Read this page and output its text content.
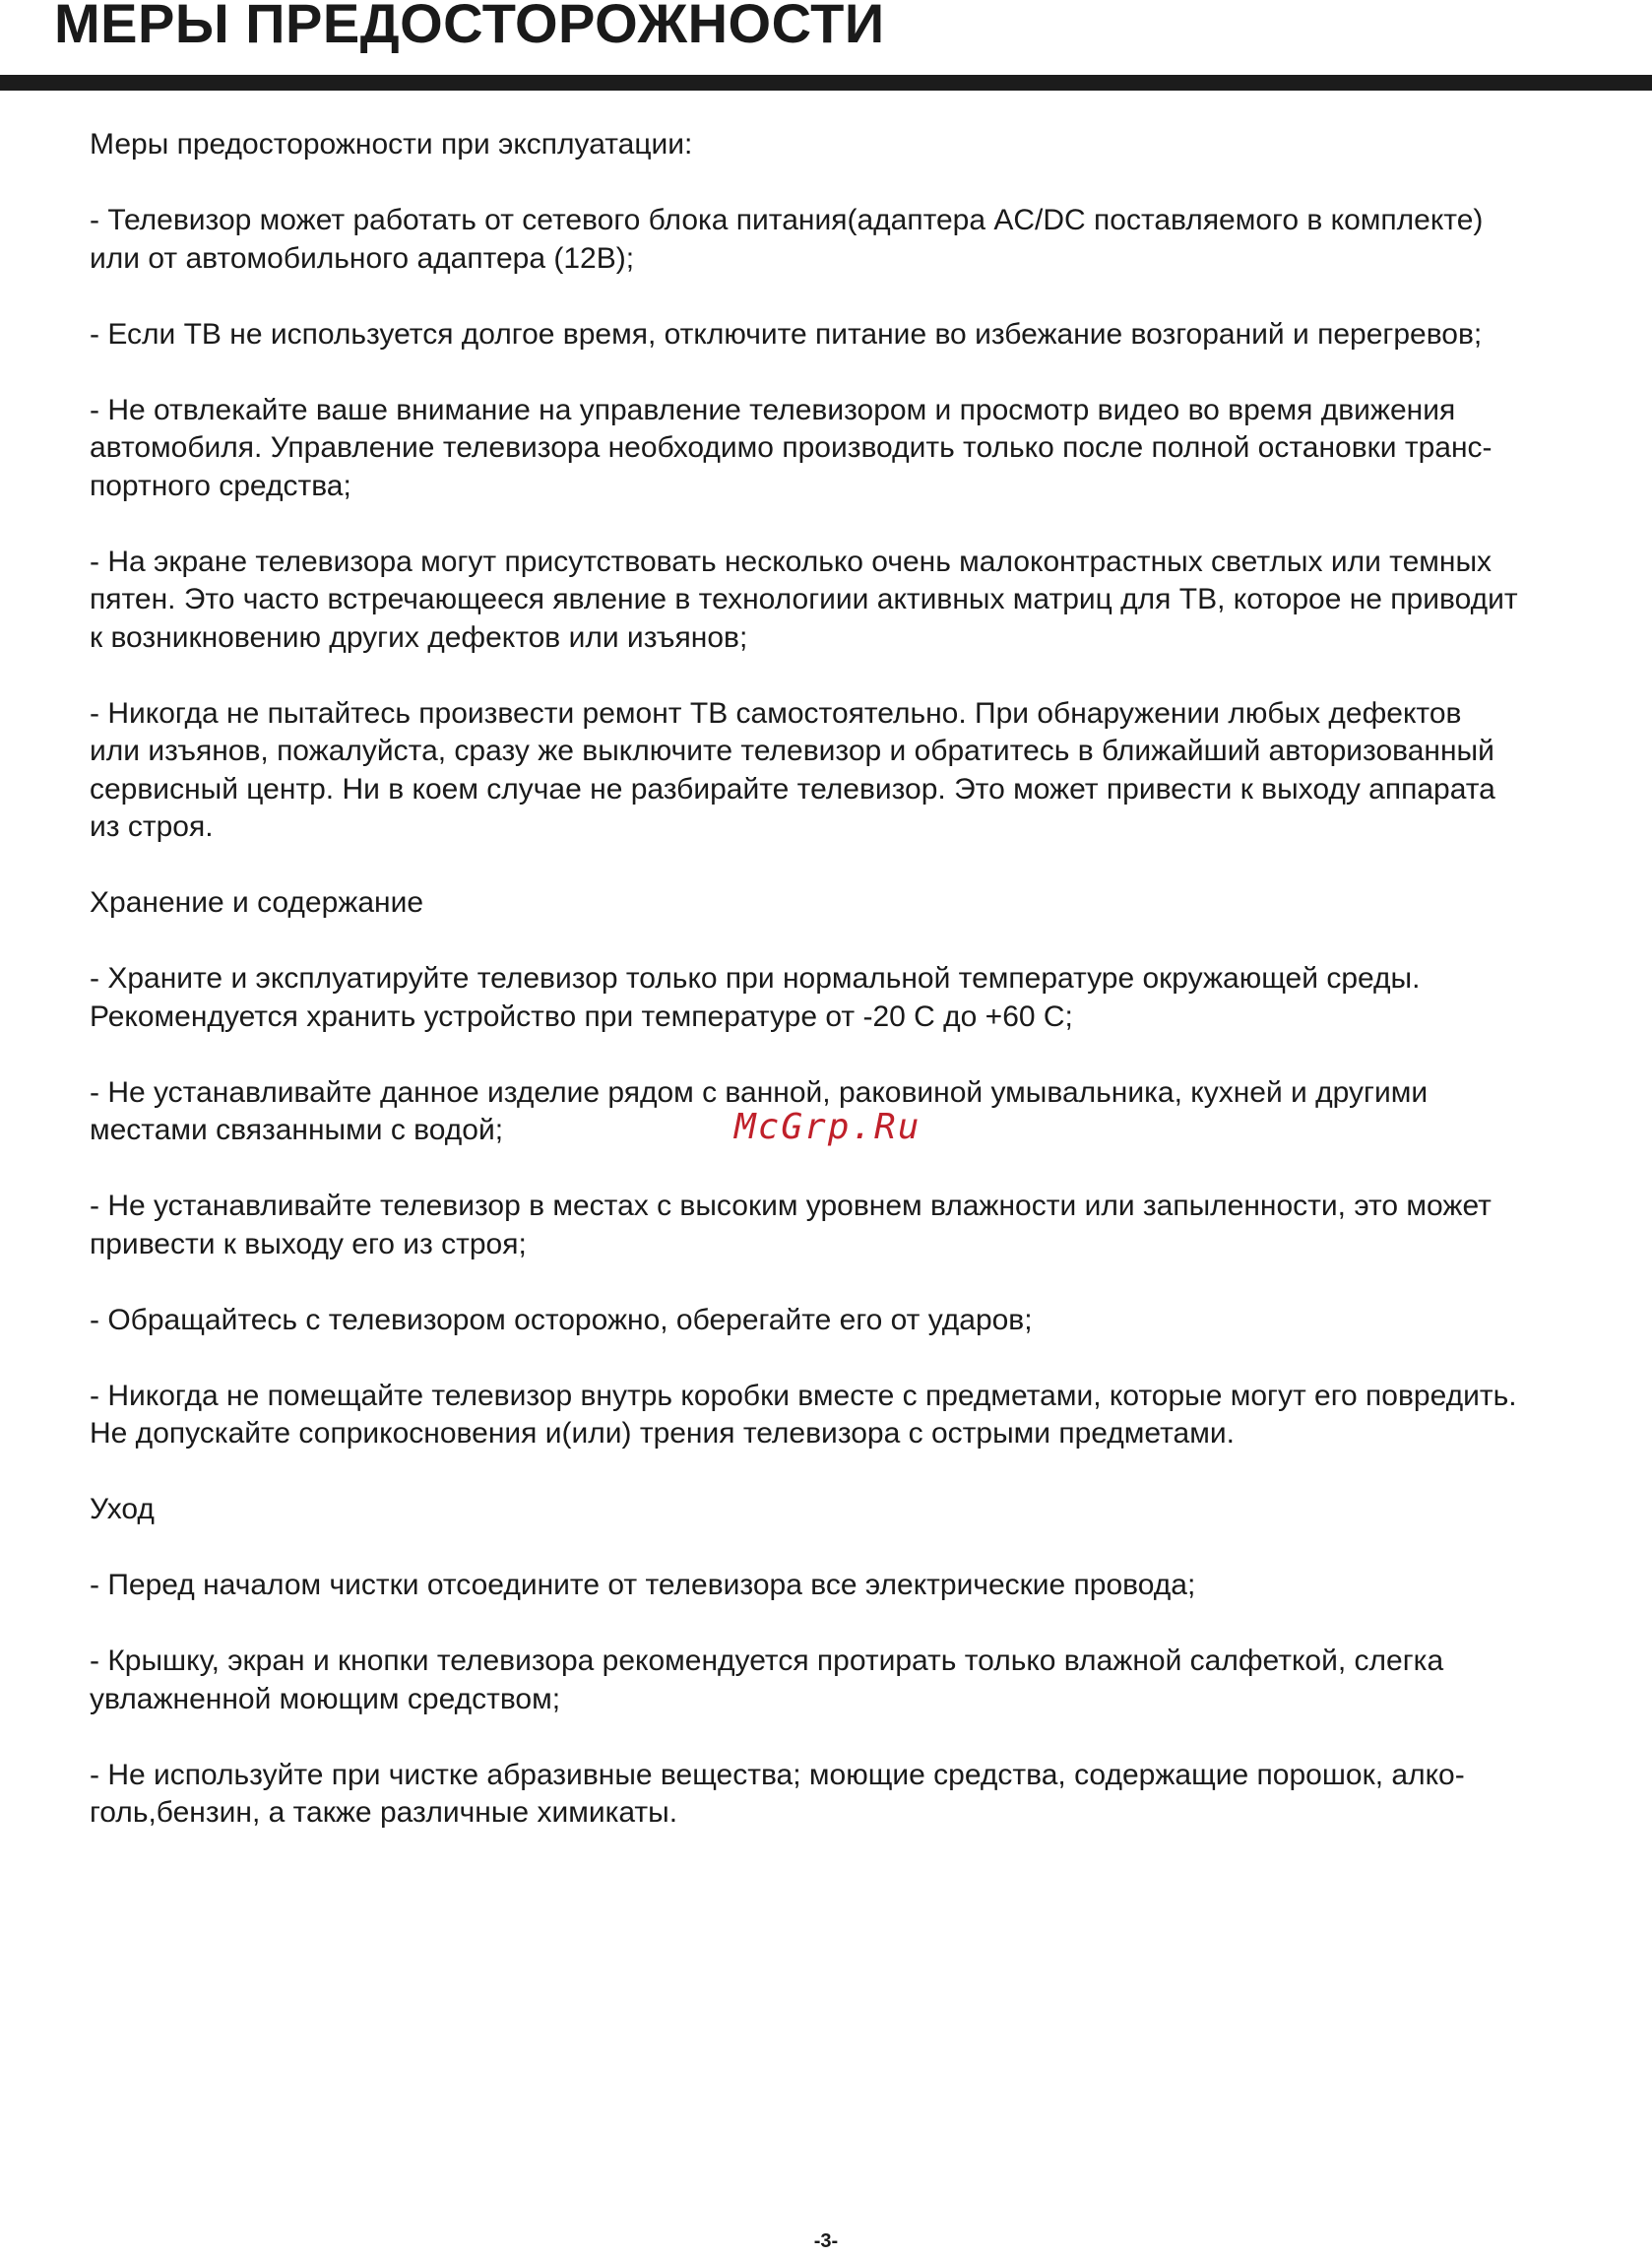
МЕРЫ ПРЕДОСТОРОЖНОСТИ

Меры предосторожности при эксплуатации:

- Телевизор может работать от сетевого блока питания(адаптера AC/DC поставляемого в комплекте)
или от автомобильного адаптера (12В);

- Если ТВ не используется долгое время, отключите питание во избежание возгораний и перегревов;

- Не отвлекайте ваше внимание на управление телевизором и просмотр видео во время движения
автомобиля. Управление телевизора необходимо производить только после полной остановки транс-
портного средства;

- На экране телевизора могут присутствовать несколько очень малоконтрастных светлых или темных
пятен. Это часто встречающееся явление в технологиии активных матриц для ТВ, которое не приводит
к возникновению других дефектов или изъянов;

- Никогда не пытайтесь произвести ремонт ТВ самостоятельно. При обнаружении любых дефектов
или изъянов, пожалуйста, сразу же выключите телевизор и обратитесь в ближайший авторизованный
сервисный центр. Ни в коем случае не разбирайте телевизор. Это может привести к выходу аппарата
из строя.

Хранение и содержание

- Храните и эксплуатируйте телевизор только при нормальной температуре окружающей среды.
Рекомендуется хранить устройство при температуре от -20 С до +60 С;

- Не устанавливайте данное изделие рядом с ванной, раковиной умывальника, кухней и другими
местами связанными с водой;

- Не устанавливайте телевизор в местах с высоким уровнем влажности или запыленности, это может
привести к выходу его из строя;

- Обращайтесь с телевизором осторожно, оберегайте его от ударов;

- Никогда не помещайте телевизор внутрь коробки вместе с предметами, которые могут его повредить.
Не допускайте соприкосновения и(или) трения телевизора с острыми предметами.

Уход

- Перед началом чистки отсоедините от телевизора все электрические провода;

- Крышку, экран и кнопки телевизора рекомендуется протирать только влажной салфеткой, слегка
увлажненной моющим средством;

- Не используйте при чистке абразивные вещества; моющие средства, содержащие порошок, алко-
голь,бензин, а также различные химикаты.

McGrp.Ru
-3-
